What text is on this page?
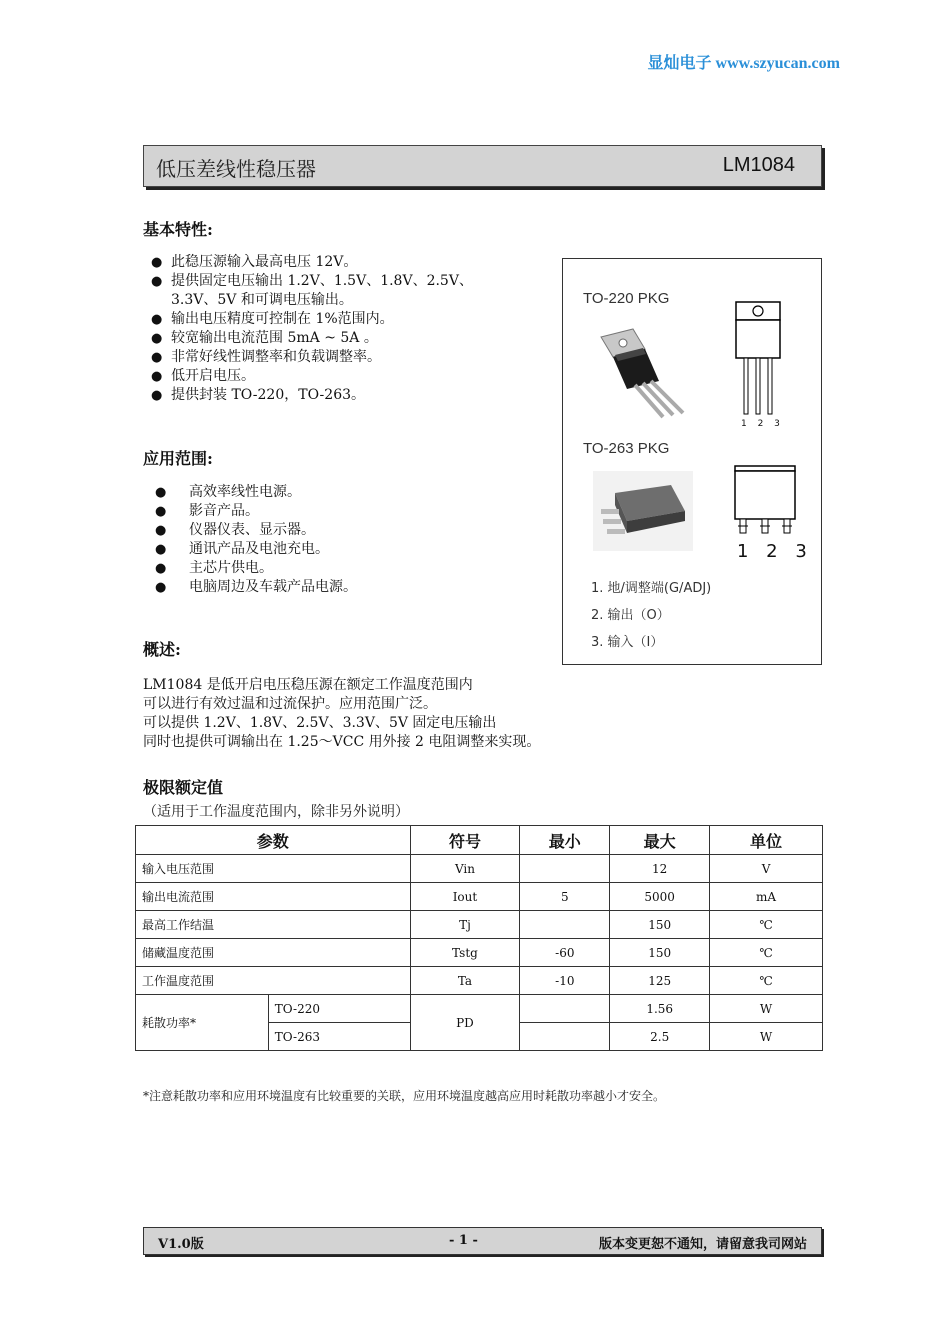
显灿电子 www.szyucan.com
低压差线性稳压器	LM1084
基本特性:
● 此稳压源输入最高电压 12V。
● 提供固定电压输出 1.2V、1.5V、1.8V、2.5V、
3.3V、5V 和可调电压输出。
● 输出电压精度可控制在 1%范围内。
● 较宽输出电流范围 5mA ~ 5A 。
● 非常好线性调整率和负载调整率。
● 低开启电压。
● 提供封装 TO-220，TO-263。
应用范围:
● 高效率线性电源。
● 影音产品。
● 仪器仪表、显示器。
● 通讯产品及电池充电。
● 主芯片供电。
● 电脑周边及车载产品电源。
TO-220 PKG
1 2 3
TO-263 PKG
1 2 3
1. 地/调整端(G/ADJ)
2. 输出（O）
3. 输入（I）
概述:
LM1084 是低开启电压稳压源在额定工作温度范围内
可以进行有效过温和过流保护。应用范围广泛。
可以提供 1.2V、1.8V、2.5V、3.3V、5V 固定电压输出
同时也提供可调输出在 1.25～VCC 用外接 2 电阻调整来实现。
极限额定值
（适用于工作温度范围内，除非另外说明）
参数		符号	最小	最大	单位
输入电压范围		Vin		12	V
输出电流范围		Iout	5	5000	mA
最高工作结温		Tj		150	℃
储藏温度范围		Tstg	-60	150	℃
工作温度范围		Ta	-10	125	℃
耗散功率*	TO-220	PD		1.56	W
	TO-263			2.5	W
*注意耗散功率和应用环境温度有比较重要的关联，应用环境温度越高应用时耗散功率越小才安全。
V1.0版	- 1 -	版本变更恕不通知，请留意我司网站
